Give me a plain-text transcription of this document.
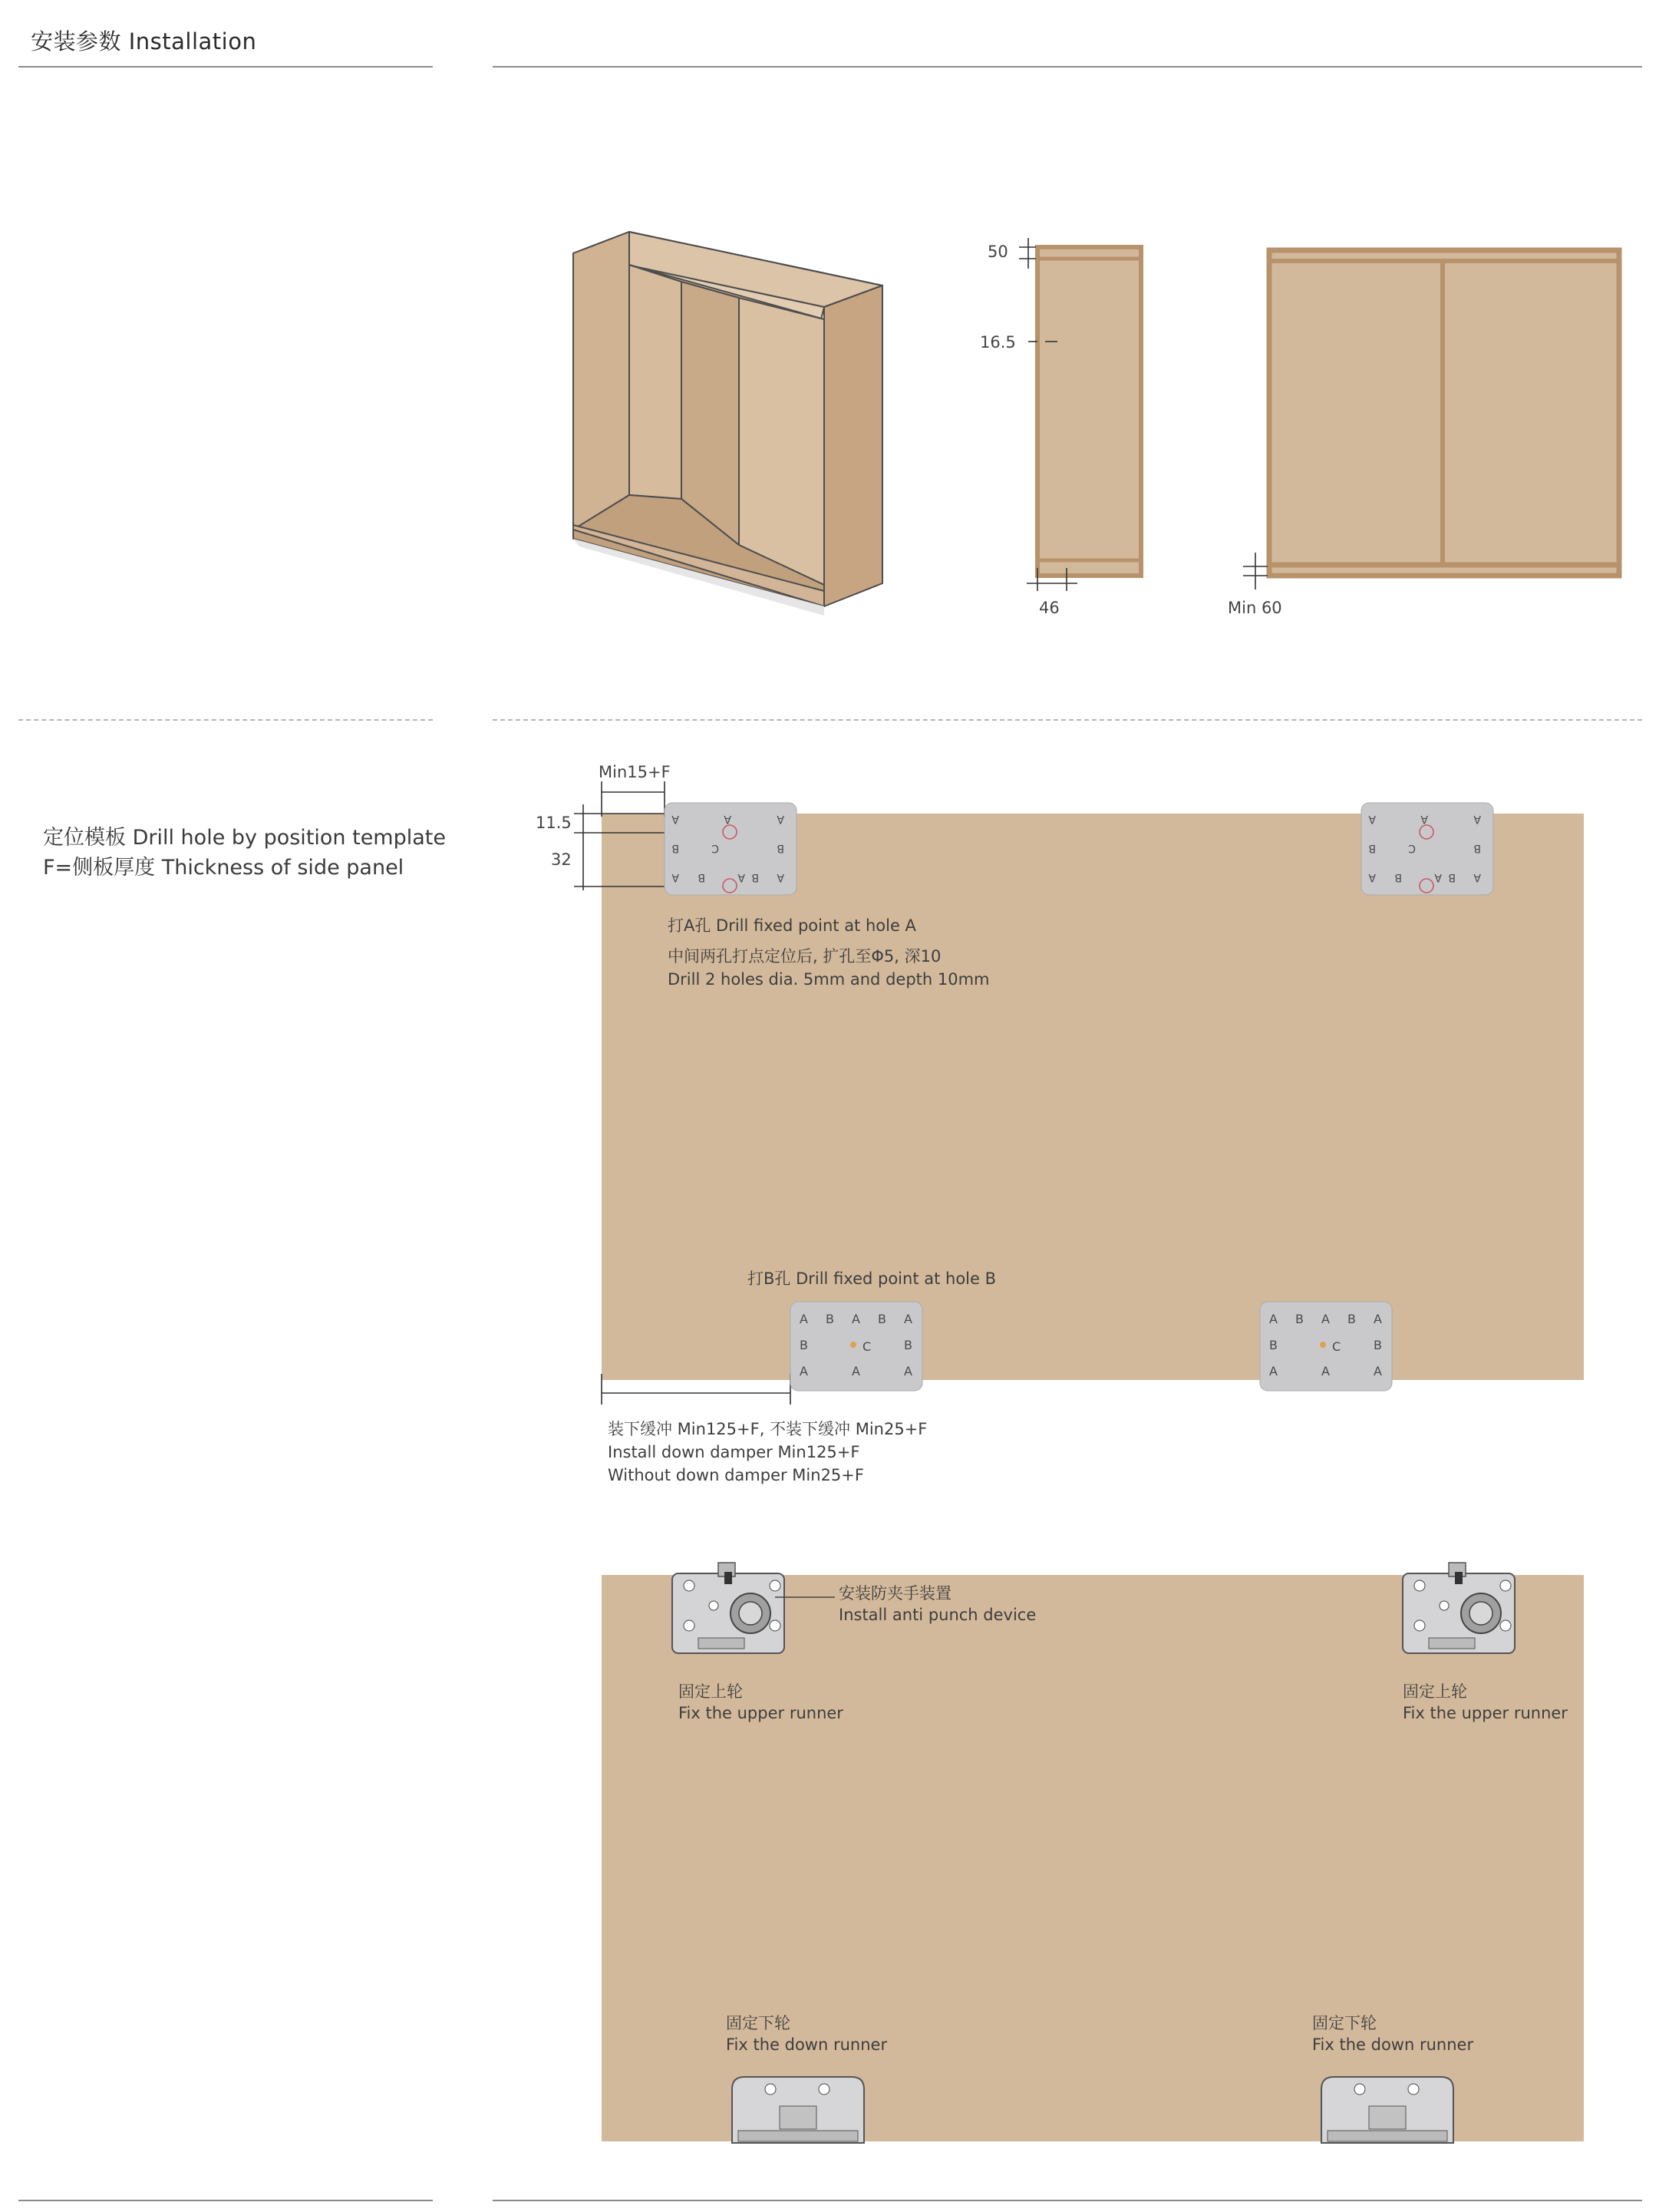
安装参数 Installation
50
16.5
46	Min 60
定位模板 Drill hole by position template
F=侧板厚度 Thickness of side panel
A	A	A
B	C	B
A B	A B A
A	A	A
B	C	B
A B	A B A
A B A B A
B	C	B
A	A	A
A B A B A
B	C	B
A	A	A
Min15+F
11.5
32
打A孔 Drill fixed point at hole A
中间两孔打点定位后, 扩孔至Φ5, 深10
Drill 2 holes dia. 5mm and depth 10mm
打B孔 Drill fixed point at hole B
装下缓冲 Min125+F, 不装下缓冲 Min25+F
Install down damper Min125+F
Without down damper Min25+F
安装防夹手装置
Install anti punch device
固定上轮
Fix the upper runner
固定上轮
Fix the upper runner
固定下轮
Fix the down runner
固定下轮
Fix the down runner
